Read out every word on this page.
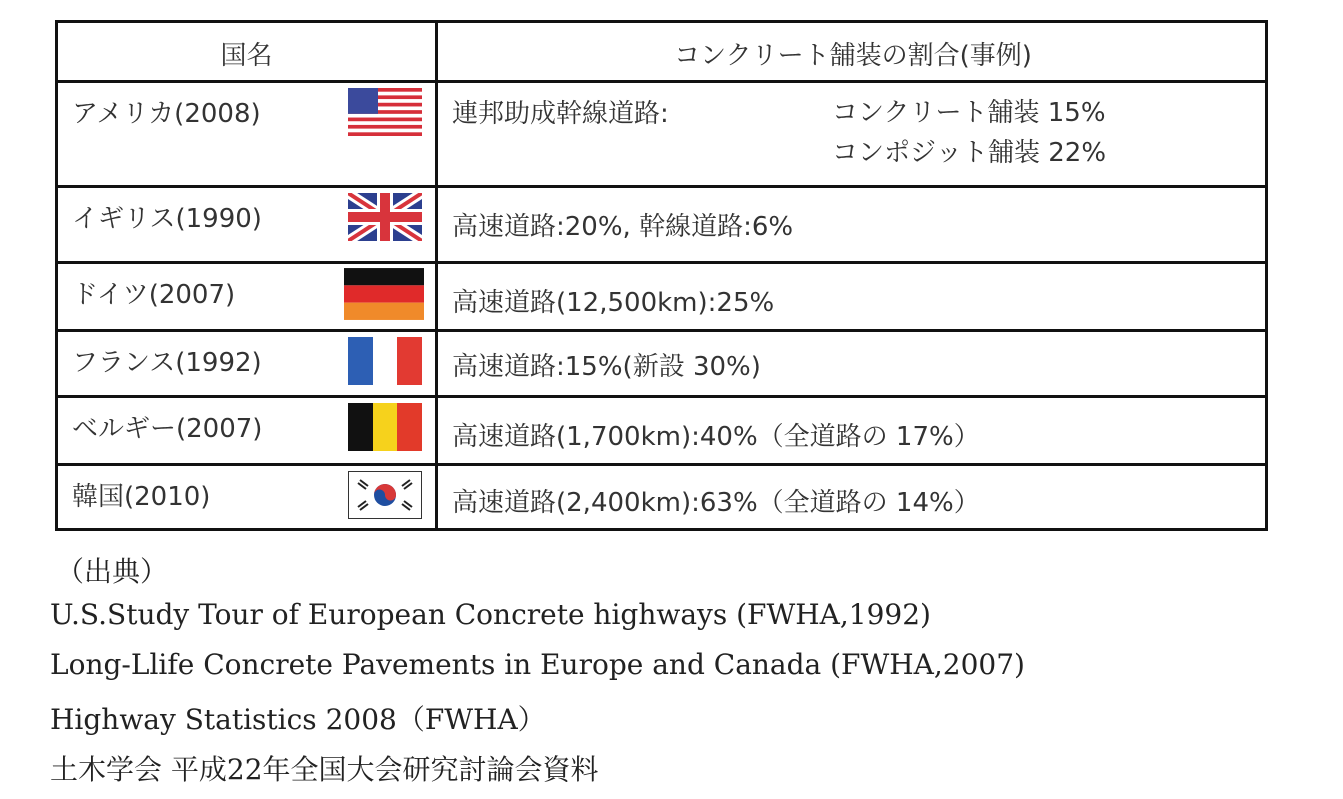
国名	コンクリート舗装の割合(事例)
アメリカ(2008)	連邦助成幹線道路:	コンクリート舗装 15%
コンポジット舗装 22%
イギリス(1990)	高速道路:20%, 幹線道路:6%
ドイツ(2007)	高速道路(12,500km):25%
フランス(1992)	高速道路:15%(新設 30%)
ベルギー(2007)	高速道路(1,700km):40%（全道路の 17%）
韓国(2010)	高速道路(2,400km):63%（全道路の 14%）
（出典）
U.S.Study Tour of European Concrete highways (FWHA,1992)
Long-Llife Concrete Pavements in Europe and Canada (FWHA,2007)
Highway Statistics 2008（FWHA）
土木学会 平成22年全国大会研究討論会資料
